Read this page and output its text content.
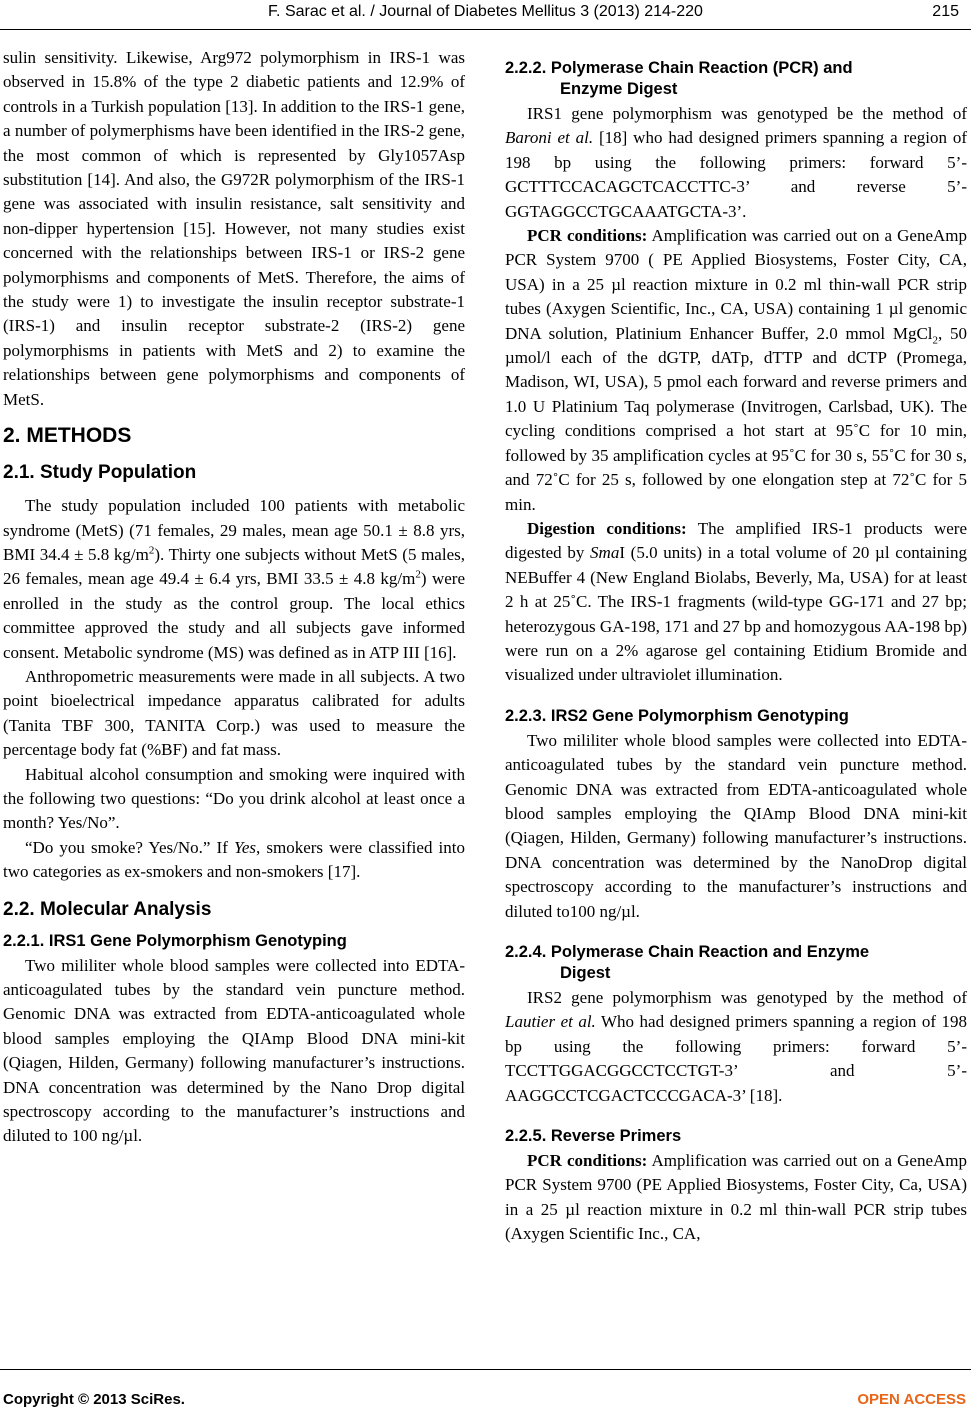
F. Sarac et al. / Journal of Diabetes Mellitus 3 (2013) 214-220	215

sulin sensitivity. Likewise, Arg972 polymorphism in IRS-1 was observed in 15.8% of the type 2 diabetic patients and 12.9% of controls in a Turkish population [13]. In addition to the IRS-1 gene, a number of polymerphisms have been identified in the IRS-2 gene, the most common of which is represented by Gly1057Asp substitution [14]. And also, the G972R polymorphism of the IRS-1 gene was associated with insulin resistance, salt sensitivity and non-dipper hypertension [15]. However, not many studies exist concerned with the relationships between IRS-1 or IRS-2 gene polymorphisms and components of MetS. Therefore, the aims of the study were 1) to investigate the insulin receptor substrate-1 (IRS-1) and insulin receptor substrate-2 (IRS-2) gene polymorphisms in patients with MetS and 2) to examine the relationships between gene polymorphisms and components of MetS.

2. METHODS
2.1. Study Population

The study population included 100 patients with metabolic syndrome (MetS) (71 females, 29 males, mean age 50.1 ± 8.8 yrs, BMI 34.4 ± 5.8 $kg/m^2$). Thirty one subjects without MetS (5 males, 26 females, mean age 49.4 ± 6.4 yrs, BMI 33.5 ± 4.8 $kg/m^2$) were enrolled in the study as the control group. The local ethics committee approved the study and all subjects gave informed consent. Metabolic syndrome (MS) was defined as in ATP III [16].

Anthropometric measurements were made in all subjects. A two point bioelectrical impedance apparatus calibrated for adults (Tanita TBF 300, TANITA Corp.) was used to measure the percentage body fat (%BF) and fat mass.

Habitual alcohol consumption and smoking were inquired with the following two questions: “Do you drink alcohol at least once a month? Yes/No”.

“Do you smoke? Yes/No.” If Yes, smokers were classified into two categories as ex-smokers and non-smokers [17].

2.2. Molecular Analysis
2.2.1. IRS1 Gene Polymorphism Genotyping

Two mililiter whole blood samples were collected into EDTA-anticoagulated tubes by the standard vein puncture method. Genomic DNA was extracted from EDTA-anticoagulated whole blood samples employing the QIAmp Blood DNA mini-kit (Qiagen, Hilden, Germany) following manufacturer’s instructions. DNA concentration was determined by the Nano Drop digital spectroscopy according to the manufacturer’s instructions and diluted to 100 ng/µl.

2.2.2. Polymerase Chain Reaction (PCR) and
Enzyme Digest

IRS1 gene polymorphism was genotyped be the method of Baroni et al. [18] who had designed primers spanning a region of 198 bp using the following primers: forward 5’-GCTTTCCACAGCTCACCTTC-3’ and reverse 5’-GGTAGGCCTGCAAATGCTA-3’.

PCR conditions: Amplification was carried out on a GeneAmp PCR System 9700 ( PE Applied Biosystems, Foster City, CA, USA) in a 25 µl reaction mixture in 0.2 ml thin-wall PCR strip tubes (Axygen Scientific, Inc., CA, USA) containing 1 µl genomic DNA solution, Platinium Enhancer Buffer, 2.0 mmol MgCl$_2$, 50 µmol/l each of the dGTP, dATp, dTTP and dCTP (Promega, Madison, WI, USA), 5 pmol each forward and reverse primers and 1.0 U Platinium Taq polymerase (Invitrogen, Carlsbad, UK). The cycling conditions comprised a hot start at 95˚C for 10 min, followed by 35 amplification cycles at 95˚C for 30 s, 55˚C for 30 s, and 72˚C for 25 s, followed by one elongation step at 72˚C for 5 min.

Digestion conditions: The amplified IRS-1 products were digested by SmaI (5.0 units) in a total volume of 20 µl containing NEBuffer 4 (New England Biolabs, Beverly, Ma, USA) for at least 2 h at 25˚C. The IRS-1 fragments (wild-type GG-171 and 27 bp; heterozygous GA-198, 171 and 27 bp and homozygous AA-198 bp) were run on a 2% agarose gel containing Etidium Bromide and visualized under ultraviolet illumination.

2.2.3. IRS2 Gene Polymorphism Genotyping

Two mililiter whole blood samples were collected into EDTA-anticoagulated tubes by the standard vein puncture method. Genomic DNA was extracted from EDTA-anticoagulated whole blood samples employing the QIAmp Blood DNA mini-kit (Qiagen, Hilden, Germany) following manufacturer’s instructions. DNA concentration was determined by the NanoDrop digital spectroscopy according to the manufacturer’s instructions and diluted to100 ng/µl.

2.2.4. Polymerase Chain Reaction and Enzyme
Digest

IRS2 gene polymorphism was genotyped by the method of Lautier et al. Who had designed primers spanning a region of 198 bp using the following primers: forward 5’-TCCTTGGACGGCCTCCTGT-3’ and 5’-AAGGCCTCGACTCCCGACA-3’ [18].

2.2.5. Reverse Primers

PCR conditions: Amplification was carried out on a GeneAmp PCR System 9700 (PE Applied Biosystems, Foster City, Ca, USA) in a 25 µl reaction mixture in 0.2 ml thin-wall PCR strip tubes (Axygen Scientific Inc., CA,

Copyright © 2013 SciRes.	OPEN ACCESS
